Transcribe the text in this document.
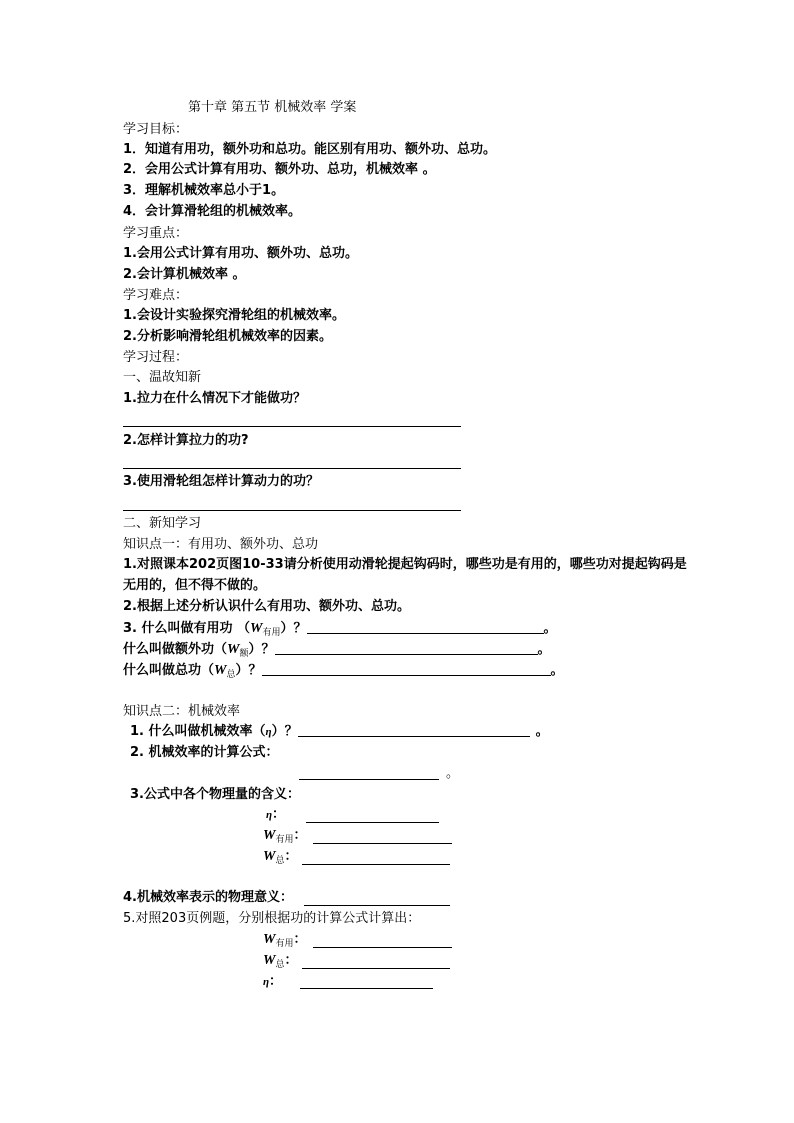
第十章 第五节 机械效率 学案
学习目标：
1．知道有用功，额外功和总功。能区别有用功、额外功、总功。
2．会用公式计算有用功、额外功、总功，机械效率 。
3．理解机械效率总小于1。
4．会计算滑轮组的机械效率。
学习重点：
1.会用公式计算有用功、额外功、总功。
2.会计算机械效率 。
学习难点：
1.会设计实验探究滑轮组的机械效率。
2.分析影响滑轮组机械效率的因素。
学习过程：
一、温故知新
1.拉力在什么情况下才能做功？
2.怎样计算拉力的功?
3.使用滑轮组怎样计算动力的功？
二、新知学习
知识点一：有用功、额外功、总功
1.对照课本202页图10-33请分析使用动滑轮提起钩码时，哪些功是有用的，哪些功对提起钩码是
无用的，但不得不做的。
2.根据上述分析认识什么有用功、额外功、总功。
3. 什么叫做有用功 $(W_{有用})$？	。
什么叫做额外功$(W_额)$？	。
什么叫做总功$(W_总)$？	。
知识点二：机械效率
1. 什么叫做机械效率（η）？	。
2. 机械效率的计算公式：
。
3.公式中各个物理量的含义：
η：
$W_{有用}$：
$W_总$：
4.机械效率表示的物理意义：
5.对照203页例题，分别根据功的计算公式计算出：
$W_{有用}$：
$W_总$：
η：
